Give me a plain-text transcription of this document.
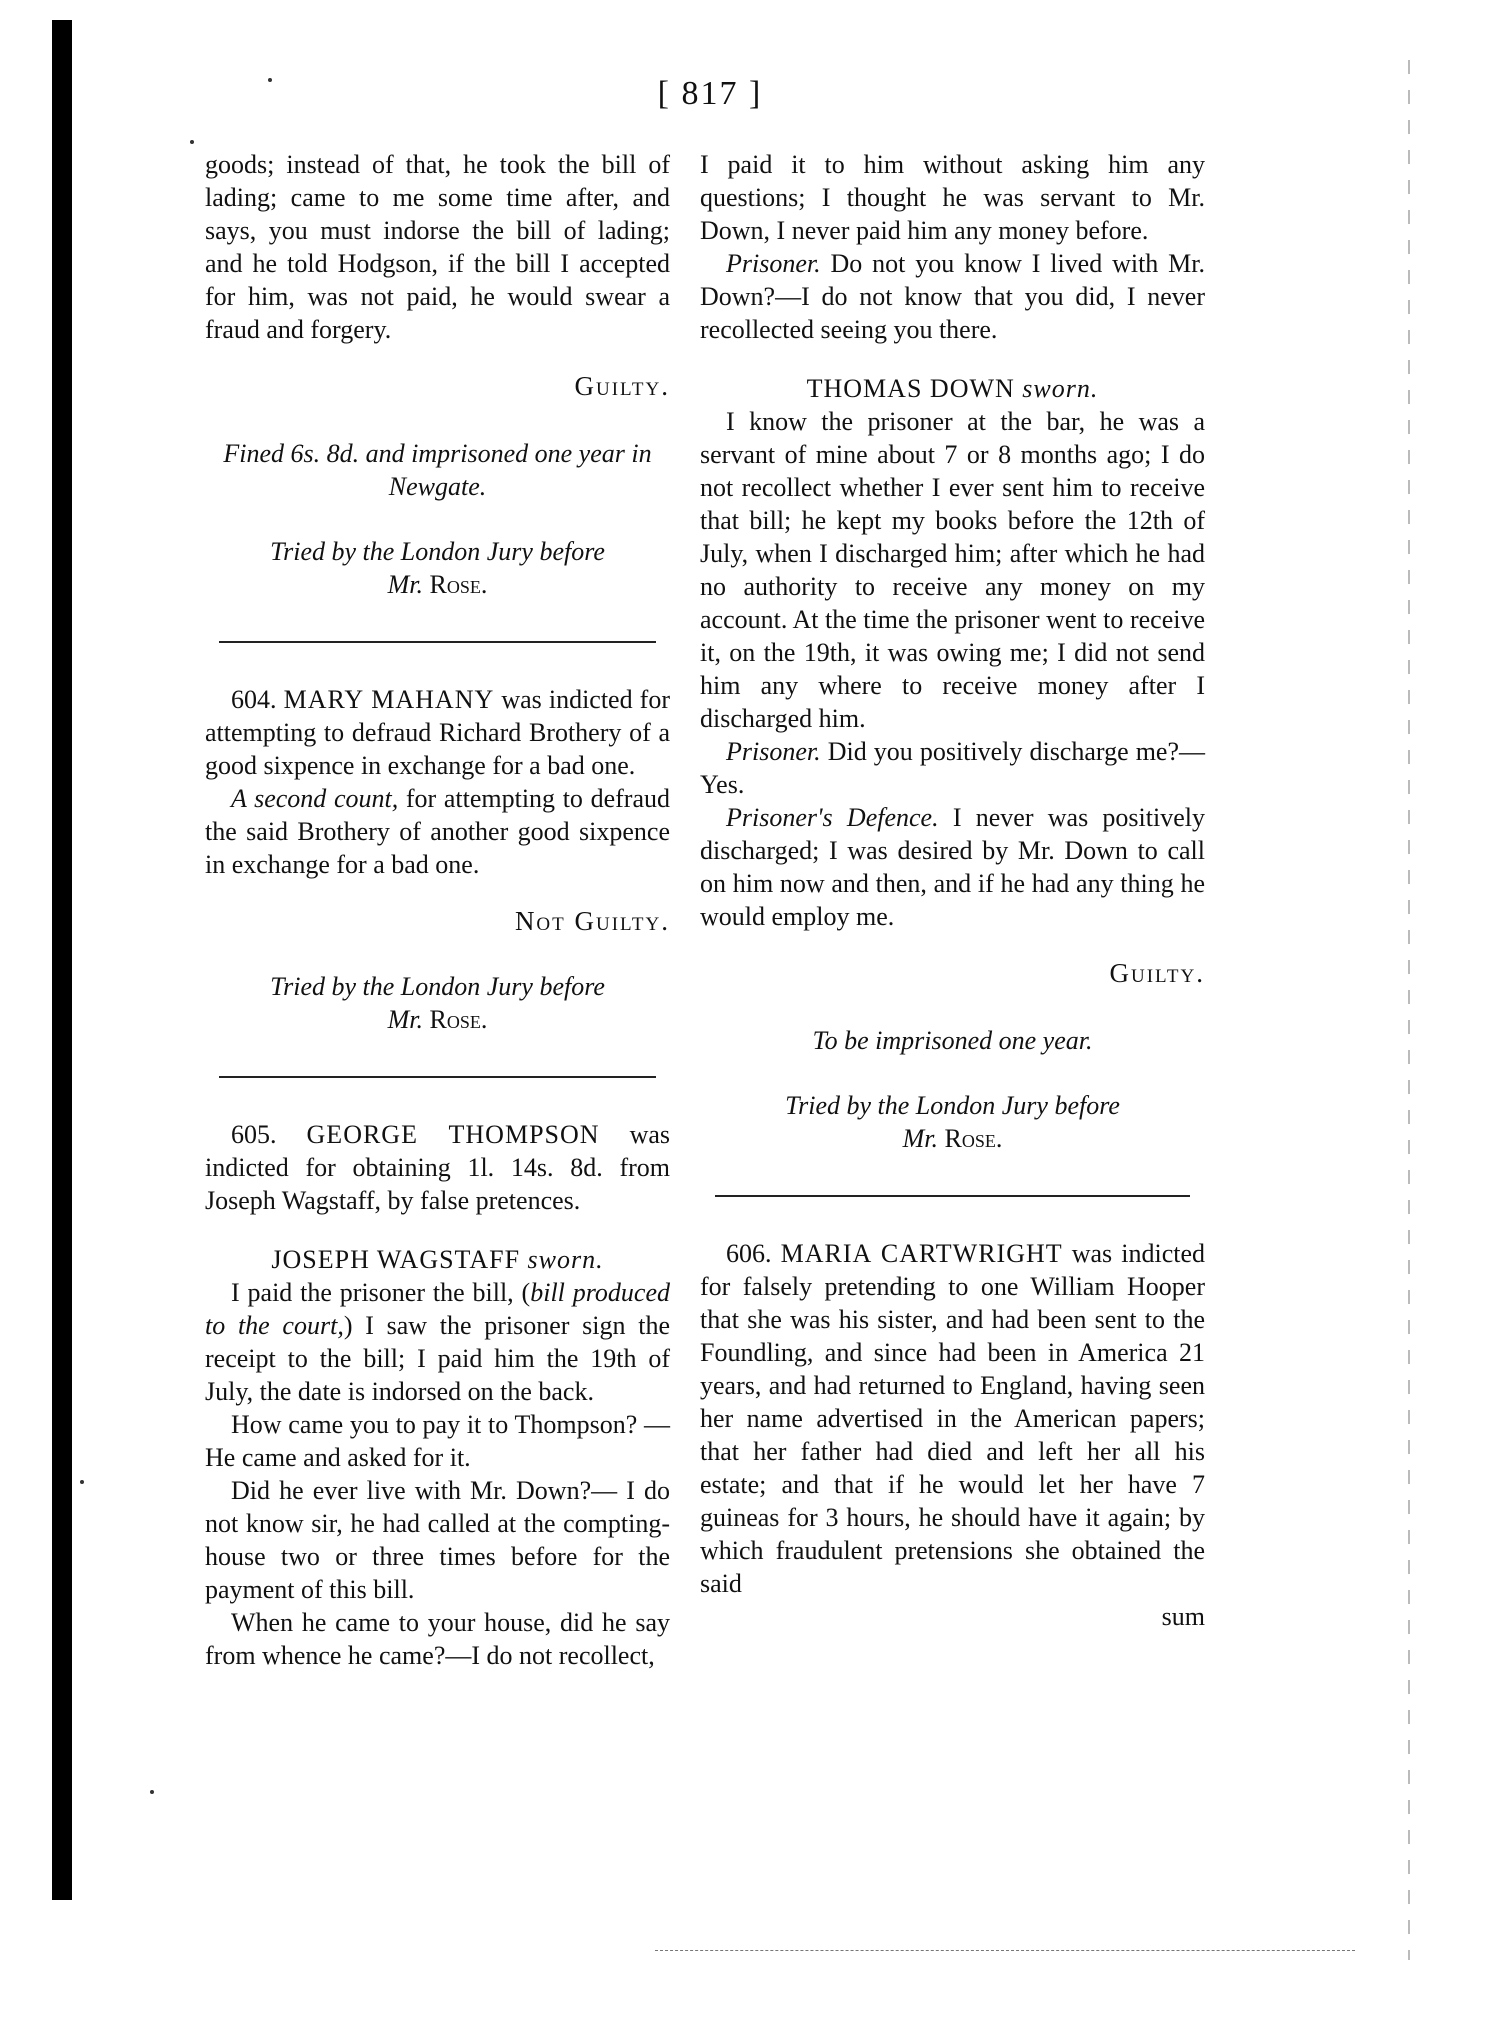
[ 817 ]

goods; instead of that, he took the bill of lading; came to me some time after, and says, you must indorse the bill of lading; and he told Hodgson, if the bill I accepted for him, was not paid, he would swear a fraud and forgery.

Guilty.
Fined 6s. 8d. and imprisoned one year in Newgate.
Tried by the London Jury before
Mr. Rose.

604. MARY MAHANY was indicted for attempting to defraud Richard Brothery of a good sixpence in exchange for a bad one.

A second count, for attempting to defraud the said Brothery of another good sixpence in exchange for a bad one.

Not Guilty.
Tried by the London Jury before
Mr. Rose.

605. GEORGE THOMPSON was indicted for obtaining 1l. 14s. 8d. from Joseph Wagstaff, by false pretences.

JOSEPH WAGSTAFF sworn.

I paid the prisoner the bill, (bill produced to the court,) I saw the prisoner sign the receipt to the bill; I paid him the 19th of July, the date is indorsed on the back.

How came you to pay it to Thompson? —He came and asked for it.

Did he ever live with Mr. Down?— I do not know sir, he had called at the compting-house two or three times before for the payment of this bill.

When he came to your house, did he say from whence he came?—I do not recollect,

I paid it to him without asking him any questions; I thought he was servant to Mr. Down, I never paid him any money before.

Prisoner. Do not you know I lived with Mr. Down?—I do not know that you did, I never recollected seeing you there.

THOMAS DOWN sworn.

I know the prisoner at the bar, he was a servant of mine about 7 or 8 months ago; I do not recollect whether I ever sent him to receive that bill; he kept my books before the 12th of July, when I discharged him; after which he had no authority to receive any money on my account. At the time the prisoner went to receive it, on the 19th, it was owing me; I did not send him any where to receive money after I discharged him.

Prisoner. Did you positively discharge me?—Yes.

Prisoner's Defence. I never was positively discharged; I was desired by Mr. Down to call on him now and then, and if he had any thing he would employ me.

Guilty.
To be imprisoned one year.
Tried by the London Jury before
Mr. Rose.

606. MARIA CARTWRIGHT was indicted for falsely pretending to one William Hooper that she was his sister, and had been sent to the Foundling, and since had been in America 21 years, and had returned to England, having seen her name advertised in the American papers; that her father had died and left her all his estate; and that if he would let her have 7 guineas for 3 hours, he should have it again; by which fraudulent pretensions she obtained the said

sum
